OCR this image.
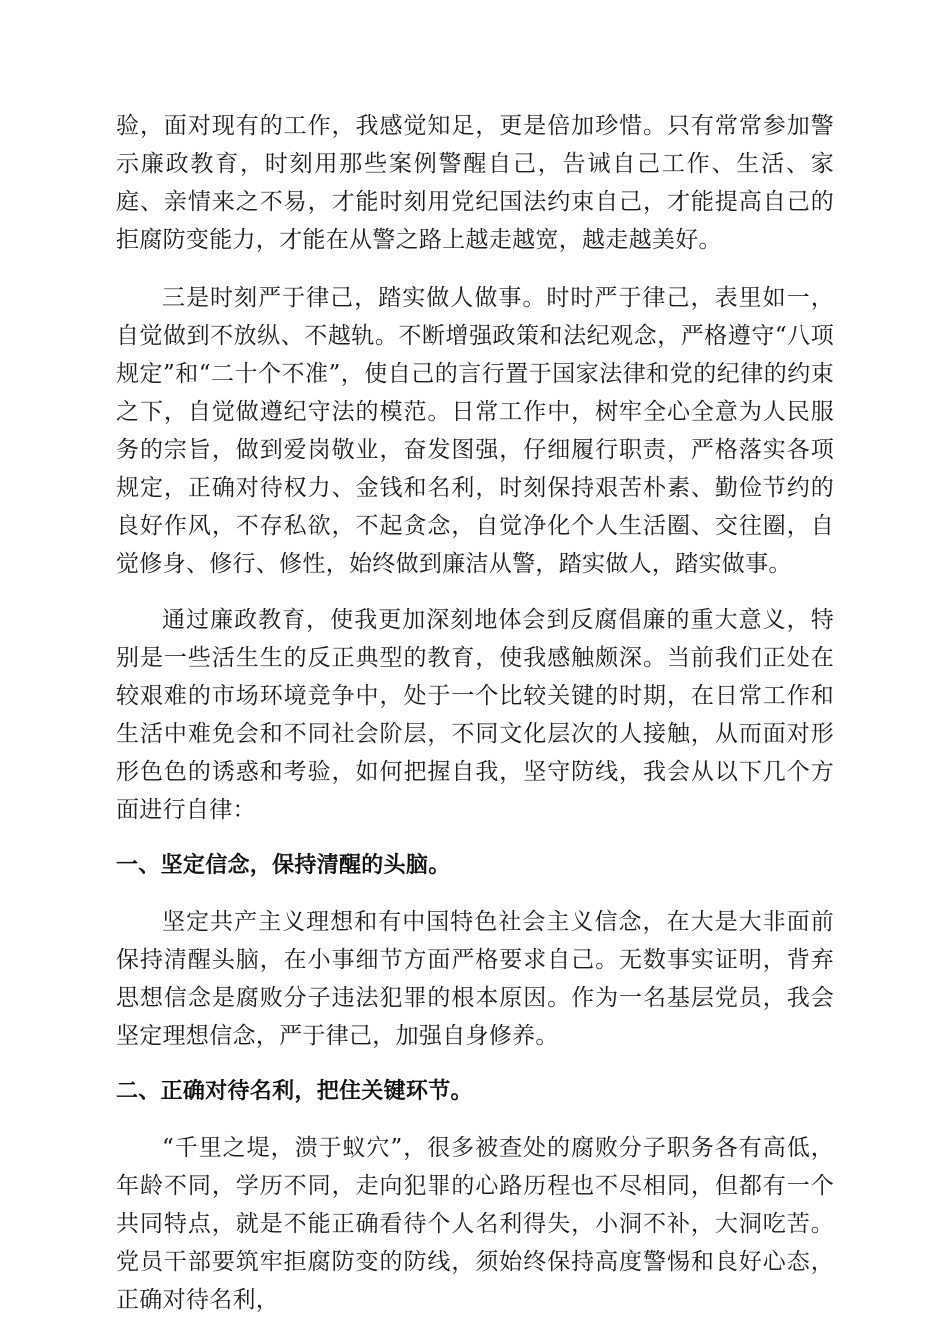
验，面对现有的工作，我感觉知足，更是倍加珍惜。只有常常参加警示廉政教育，时刻用那些案例警醒自己，告诫自己工作、生活、家庭、亲情来之不易，才能时刻用党纪国法约束自己，才能提高自己的拒腐防变能力，才能在从警之路上越走越宽，越走越美好。

三是时刻严于律己，踏实做人做事。时时严于律己，表里如一，自觉做到不放纵、不越轨。不断增强政策和法纪观念，严格遵守“八项规定”和“二十个不准”，使自己的言行置于国家法律和党的纪律的约束之下，自觉做遵纪守法的模范。日常工作中，树牢全心全意为人民服务的宗旨，做到爱岗敬业，奋发图强，仔细履行职责，严格落实各项规定，正确对待权力、金钱和名利，时刻保持艰苦朴素、勤俭节约的良好作风，不存私欲，不起贪念，自觉净化个人生活圈、交往圈，自觉修身、修行、修性，始终做到廉洁从警，踏实做人，踏实做事。

通过廉政教育，使我更加深刻地体会到反腐倡廉的重大意义，特别是一些活生生的反正典型的教育，使我感触颇深。当前我们正处在较艰难的市场环境竞争中，处于一个比较关键的时期，在日常工作和生活中难免会和不同社会阶层，不同文化层次的人接触，从而面对形形色色的诱惑和考验，如何把握自我，坚守防线，我会从以下几个方面进行自律：

一、坚定信念，保持清醒的头脑。

坚定共产主义理想和有中国特色社会主义信念，在大是大非面前保持清醒头脑，在小事细节方面严格要求自己。无数事实证明，背弃思想信念是腐败分子违法犯罪的根本原因。作为一名基层党员，我会坚定理想信念，严于律己，加强自身修养。

二、正确对待名利，把住关键环节。

“千里之堤，溃于蚁穴”，很多被查处的腐败分子职务各有高低，年龄不同，学历不同，走向犯罪的心路历程也不尽相同，但都有一个共同特点，就是不能正确看待个人名利得失，小洞不补，大洞吃苦。党员干部要筑牢拒腐防变的防线，须始终保持高度警惕和良好心态，正确对待名利，
